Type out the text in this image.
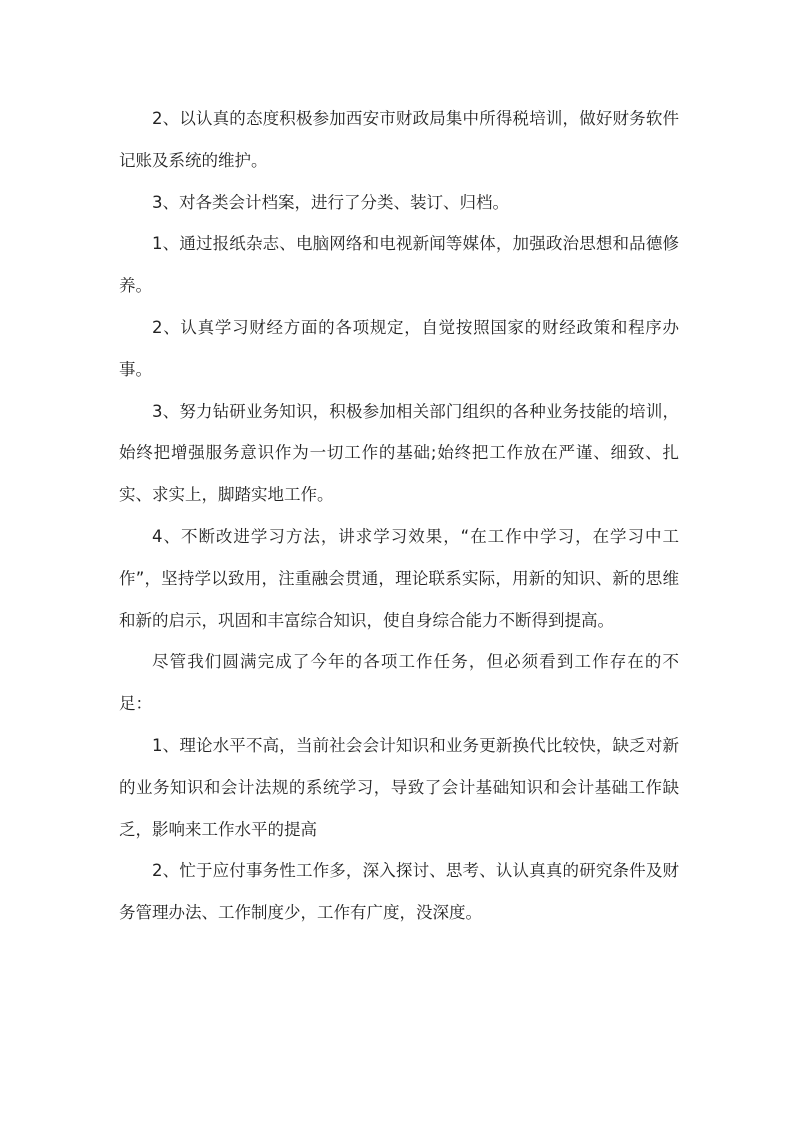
2、以认真的态度积极参加西安市财政局集中所得税培训，做好财务软件记账及系统的维护。

3、对各类会计档案，进行了分类、装订、归档。

1、通过报纸杂志、电脑网络和电视新闻等媒体，加强政治思想和品德修养。

2、认真学习财经方面的各项规定，自觉按照国家的财经政策和程序办事。

3、努力钻研业务知识，积极参加相关部门组织的各种业务技能的培训，始终把增强服务意识作为一切工作的基础;始终把工作放在严谨、细致、扎实、求实上，脚踏实地工作。

4、不断改进学习方法，讲求学习效果，“在工作中学习，在学习中工作”，坚持学以致用，注重融会贯通，理论联系实际，用新的知识、新的思维和新的启示，巩固和丰富综合知识，使自身综合能力不断得到提高。

尽管我们圆满完成了今年的各项工作任务，但必须看到工作存在的不足：

1、理论水平不高，当前社会会计知识和业务更新换代比较快，缺乏对新的业务知识和会计法规的系统学习，导致了会计基础知识和会计基础工作缺乏，影响来工作水平的提高

2、忙于应付事务性工作多，深入探讨、思考、认认真真的研究条件及财务管理办法、工作制度少，工作有广度，没深度。
